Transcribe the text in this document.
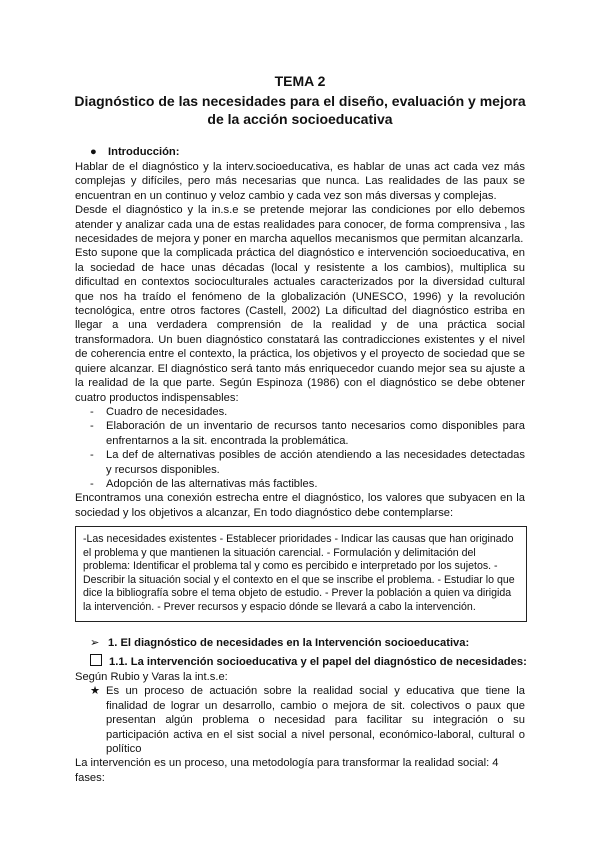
TEMA 2
Diagnóstico de las necesidades para el diseño, evaluación y mejora
de la acción socioeducativa
● Introducción:

Hablar de el diagnóstico y la interv.socioeducativa, es hablar de unas act cada vez más complejas y difíciles, pero más necesarias que nunca. Las realidades de las paux se encuentran en un continuo y veloz cambio y cada vez son más diversas y complejas.

Desde el diagnóstico y la in.s.e se pretende mejorar las condiciones por ello debemos atender y analizar cada una de estas realidades para conocer, de forma comprensiva , las necesidades de mejora y poner en marcha aquellos mecanismos que permitan alcanzarla.

Esto supone que la complicada práctica del diagnóstico e intervención socioeducativa, en la sociedad de hace unas décadas (local y resistente a los cambios), multiplica su dificultad en contextos socioculturales actuales caracterizados por la diversidad cultural que nos ha traído el fenómeno de la globalización (UNESCO, 1996) y la revolución tecnológica, entre otros factores (Castell, 2002) La dificultad del diagnóstico estriba en llegar a una verdadera comprensión de la realidad y de una práctica social transformadora. Un buen diagnóstico constatará las contradicciones existentes y el nivel de coherencia entre el contexto, la práctica, los objetivos y el proyecto de sociedad que se quiere alcanzar. El diagnóstico será tanto más enriquecedor cuando mejor sea su ajuste a la realidad de la que parte. Según Espinoza (1986) con el diagnóstico se debe obtener cuatro productos indispensables:

- Cuadro de necesidades.
- Elaboración de un inventario de recursos tanto necesarios como disponibles para enfrentarnos a la sit. encontrada la problemática.
- La def de alternativas posibles de acción atendiendo a las necesidades detectadas y recursos disponibles.
- Adopción de las alternativas más factibles.

Encontramos una conexión estrecha entre el diagnóstico, los valores que subyacen en la sociedad y los objetivos a alcanzar, En todo diagnóstico debe contemplarse:

-Las necesidades existentes - Establecer prioridades - Indicar las causas que han originado el problema y que mantienen la situación carencial. - Formulación y delimitación del problema: Identificar el problema tal y como es percibido e interpretado por los sujetos. - Describir la situación social y el contexto en el que se inscribe el problema. - Estudiar lo que dice la bibliografía sobre el tema objeto de estudio. - Prever la población a quien va dirigida la intervención. - Prever recursos y espacio dónde se llevará a cabo la intervención.

➢ 1. El diagnóstico de necesidades en la Intervención socioeducativa:
1.1. La intervención socioeducativa y el papel del diagnóstico de necesidades:

Según Rubio y Varas la int.s.e:

★ Es un proceso de actuación sobre la realidad social y educativa que tiene la finalidad de lograr un desarrollo, cambio o mejora de sit. colectivos o paux que presentan algún problema o necesidad para facilitar su integración o su participación activa en el sist social a nivel personal, económico-laboral, cultural o político

La intervención es un proceso, una metodología para transformar la realidad social: 4 fases:
